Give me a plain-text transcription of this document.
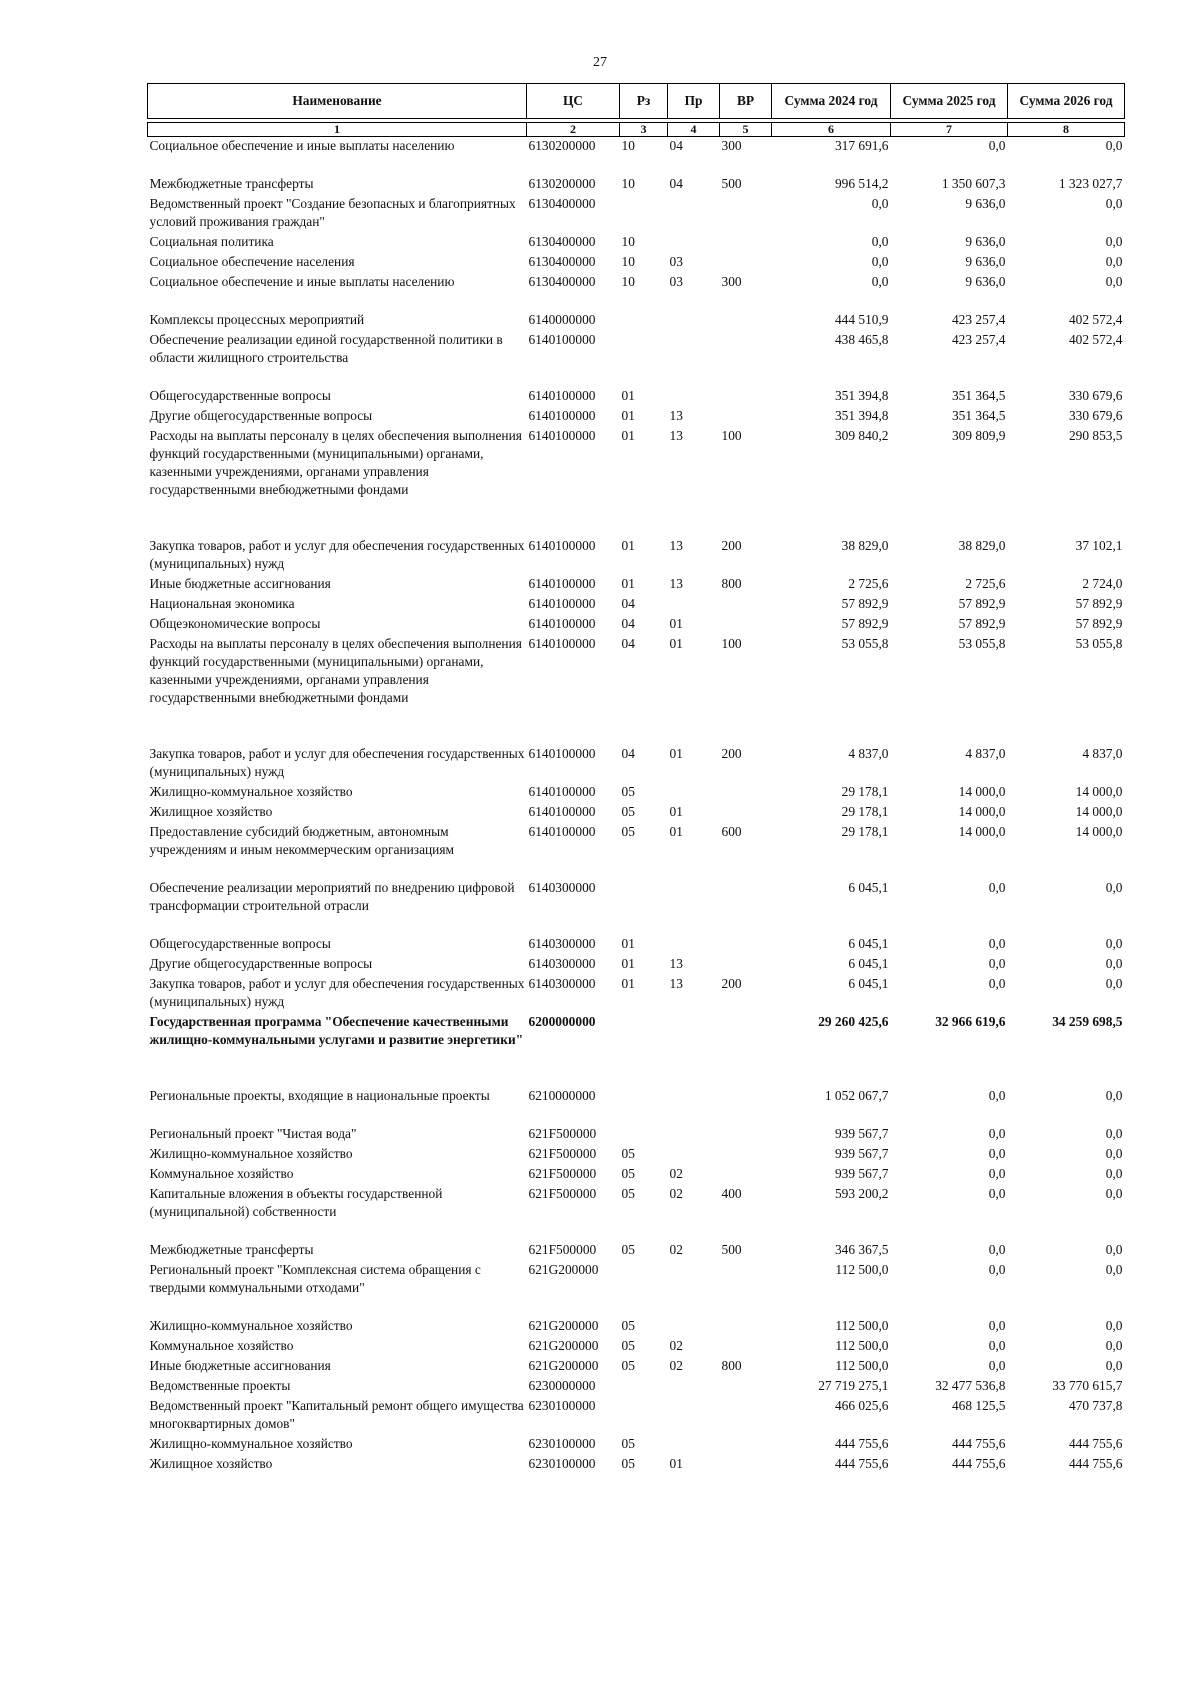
27
Наименование	ЦС	Рз	Пр	ВР	Сумма 2024 год	Сумма 2025 год	Сумма 2026 год

1	2	3	4	5	6	7	8
Социальное обеспечение и иные выплаты населению	6130200000	10	04	300	317 691,6	0,0	0,0
Межбюджетные трансферты	6130200000	10	04	500	996 514,2	1 350 607,3	1 323 027,7
Ведомственный проект "Создание безопасных и благоприятных условий проживания граждан"	6130400000				0,0	9 636,0	0,0
Социальная политика	6130400000	10			0,0	9 636,0	0,0
Социальное обеспечение населения	6130400000	10	03		0,0	9 636,0	0,0
Социальное обеспечение и иные выплаты населению	6130400000	10	03	300	0,0	9 636,0	0,0
Комплексы процессных мероприятий	6140000000				444 510,9	423 257,4	402 572,4
Обеспечение реализации единой государственной политики в области жилищного строительства	6140100000				438 465,8	423 257,4	402 572,4
Общегосударственные вопросы	6140100000	01			351 394,8	351 364,5	330 679,6
Другие общегосударственные вопросы	6140100000	01	13		351 394,8	351 364,5	330 679,6
Расходы на выплаты персоналу в целях обеспечения выполнения функций государственными (муниципальными) органами, казенными учреждениями, органами управления государственными внебюджетными фондами	6140100000	01	13	100	309 840,2	309 809,9	290 853,5
Закупка товаров, работ и услуг для обеспечения государственных (муниципальных) нужд	6140100000	01	13	200	38 829,0	38 829,0	37 102,1
Иные бюджетные ассигнования	6140100000	01	13	800	2 725,6	2 725,6	2 724,0
Национальная экономика	6140100000	04			57 892,9	57 892,9	57 892,9
Общеэкономические вопросы	6140100000	04	01		57 892,9	57 892,9	57 892,9
Расходы на выплаты персоналу в целях обеспечения выполнения функций государственными (муниципальными) органами, казенными учреждениями, органами управления государственными внебюджетными фондами	6140100000	04	01	100	53 055,8	53 055,8	53 055,8
Закупка товаров, работ и услуг для обеспечения государственных (муниципальных) нужд	6140100000	04	01	200	4 837,0	4 837,0	4 837,0
Жилищно-коммунальное хозяйство	6140100000	05			29 178,1	14 000,0	14 000,0
Жилищное хозяйство	6140100000	05	01		29 178,1	14 000,0	14 000,0
Предоставление субсидий бюджетным, автономным учреждениям и иным некоммерческим организациям	6140100000	05	01	600	29 178,1	14 000,0	14 000,0
Обеспечение реализации мероприятий по внедрению цифровой трансформации строительной отрасли	6140300000				6 045,1	0,0	0,0
Общегосударственные вопросы	6140300000	01			6 045,1	0,0	0,0
Другие общегосударственные вопросы	6140300000	01	13		6 045,1	0,0	0,0
Закупка товаров, работ и услуг для обеспечения государственных (муниципальных) нужд	6140300000	01	13	200	6 045,1	0,0	0,0
Государственная программа "Обеспечение качественными жилищно-коммунальными услугами и развитие энергетики"	6200000000				29 260 425,6	32 966 619,6	34 259 698,5
Региональные проекты, входящие в национальные проекты	6210000000				1 052 067,7	0,0	0,0
Региональный проект "Чистая вода"	621F500000				939 567,7	0,0	0,0
Жилищно-коммунальное хозяйство	621F500000	05			939 567,7	0,0	0,0
Коммунальное хозяйство	621F500000	05	02		939 567,7	0,0	0,0
Капитальные вложения в объекты государственной (муниципальной) собственности	621F500000	05	02	400	593 200,2	0,0	0,0
Межбюджетные трансферты	621F500000	05	02	500	346 367,5	0,0	0,0
Региональный проект "Комплексная система обращения с твердыми коммунальными отходами"	621G200000				112 500,0	0,0	0,0
Жилищно-коммунальное хозяйство	621G200000	05			112 500,0	0,0	0,0
Коммунальное хозяйство	621G200000	05	02		112 500,0	0,0	0,0
Иные бюджетные ассигнования	621G200000	05	02	800	112 500,0	0,0	0,0
Ведомственные проекты	6230000000				27 719 275,1	32 477 536,8	33 770 615,7
Ведомственный проект "Капитальный ремонт общего имущества многоквартирных домов"	6230100000				466 025,6	468 125,5	470 737,8
Жилищно-коммунальное хозяйство	6230100000	05			444 755,6	444 755,6	444 755,6
Жилищное хозяйство	6230100000	05	01		444 755,6	444 755,6	444 755,6
